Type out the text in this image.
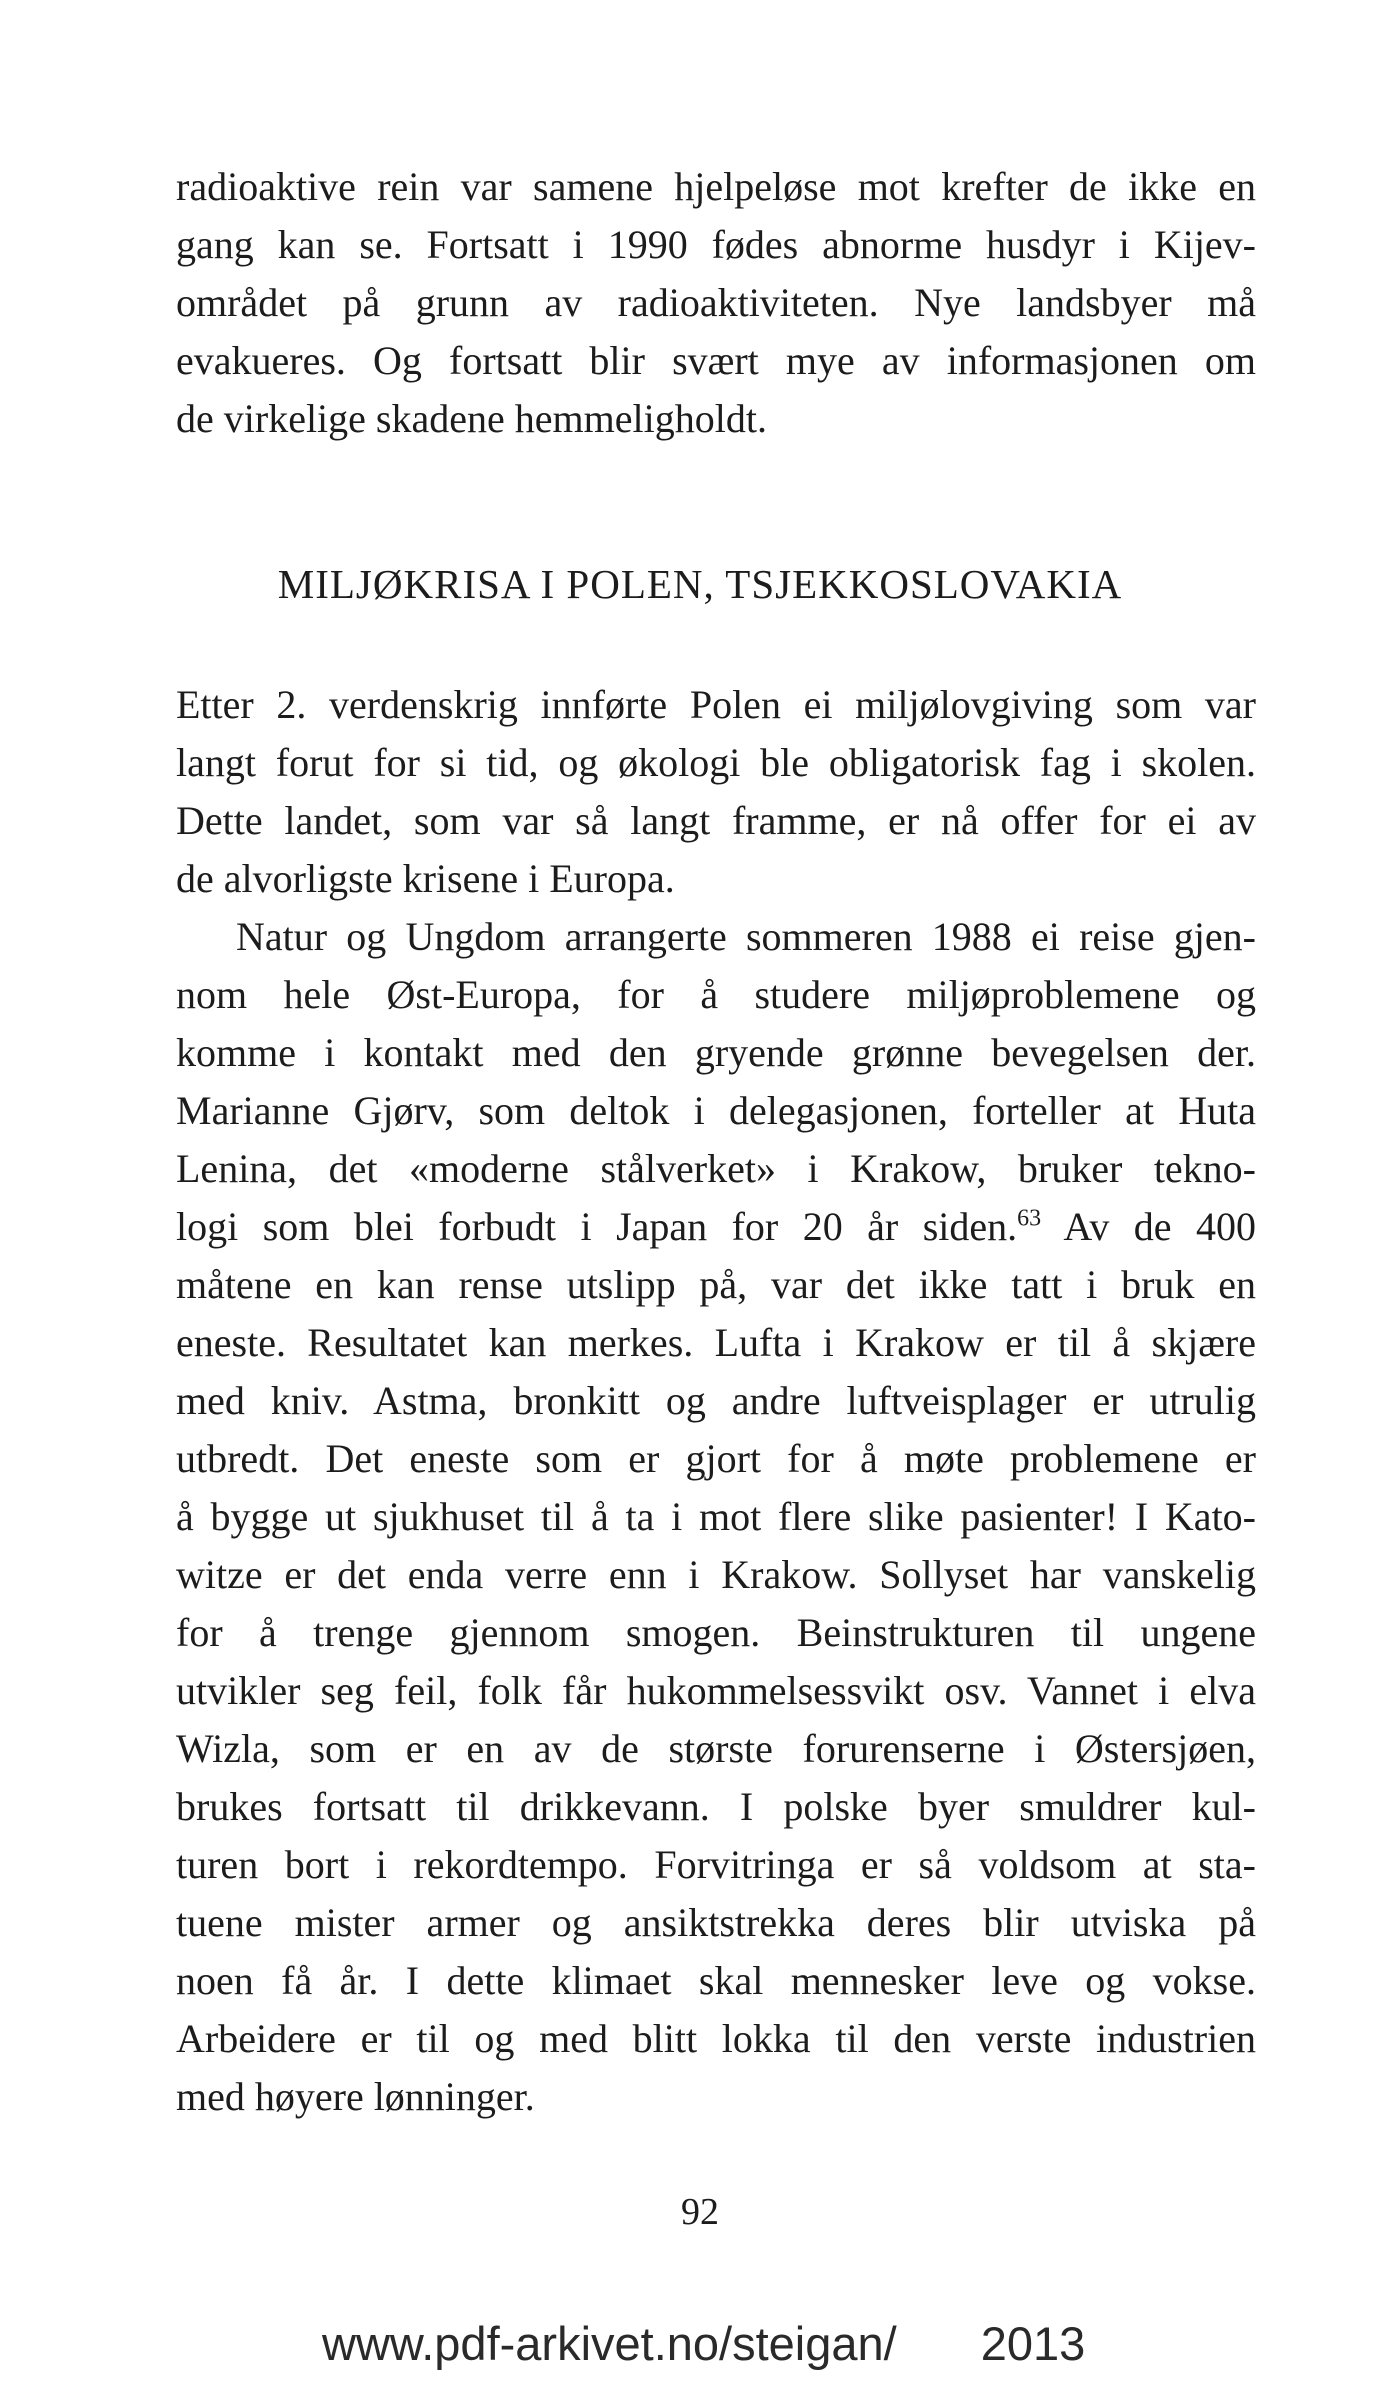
radioaktive rein var samene hjelpeløse mot krefter de ikke en
gang kan se. Fortsatt i 1990 fødes abnorme husdyr i Kijev-
området på grunn av radioaktiviteten. Nye landsbyer må
evakueres. Og fortsatt blir svært mye av informasjonen om
de virkelige skadene hemmeligholdt.
MILJØKRISA I POLEN, TSJEKKOSLOVAKIA
Etter 2. verdenskrig innførte Polen ei miljølovgiving som var
langt forut for si tid, og økologi ble obligatorisk fag i skolen.
Dette landet, som var så langt framme, er nå offer for ei av
de alvorligste krisene i Europa.
Natur og Ungdom arrangerte sommeren 1988 ei reise gjen-
nom hele Øst-Europa, for å studere miljøproblemene og
komme i kontakt med den gryende grønne bevegelsen der.
Marianne Gjørv, som deltok i delegasjonen, forteller at Huta
Lenina, det «moderne stålverket» i Krakow, bruker tekno-
logi som blei forbudt i Japan for 20 år siden.$^{63}$ Av de 400
måtene en kan rense utslipp på, var det ikke tatt i bruk en
eneste. Resultatet kan merkes. Lufta i Krakow er til å skjære
med kniv. Astma, bronkitt og andre luftveisplager er utrulig
utbredt. Det eneste som er gjort for å møte problemene er
å bygge ut sjukhuset til å ta i mot flere slike pasienter! I Kato-
witze er det enda verre enn i Krakow. Sollyset har vanskelig
for å trenge gjennom smogen. Beinstrukturen til ungene
utvikler seg feil, folk får hukommelsessvikt osv. Vannet i elva
Wizla, som er en av de største forurenserne i Østersjøen,
brukes fortsatt til drikkevann. I polske byer smuldrer kul-
turen bort i rekordtempo. Forvitringa er så voldsom at sta-
tuene mister armer og ansiktstrekka deres blir utviska på
noen få år. I dette klimaet skal mennesker leve og vokse.
Arbeidere er til og med blitt lokka til den verste industrien
med høyere lønninger.
92
www.pdf-arkivet.no/steigan/ 2013
